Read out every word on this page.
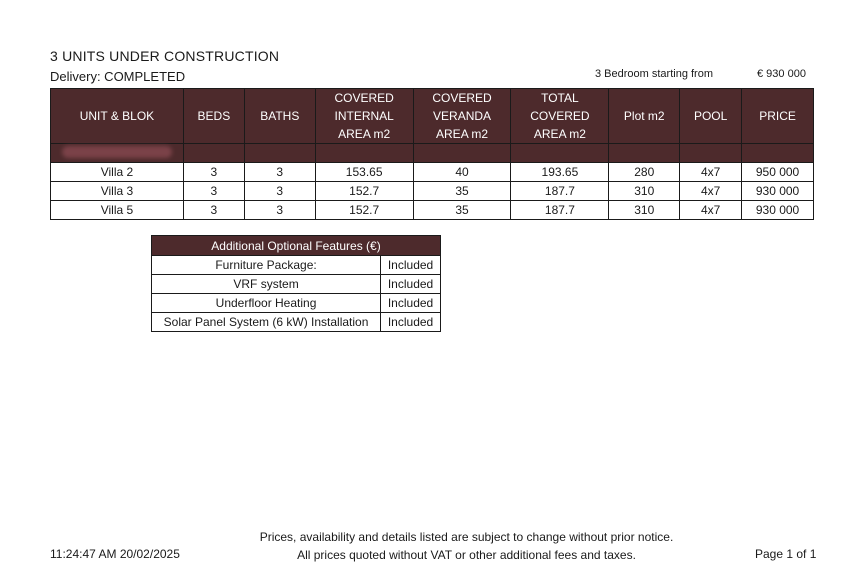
3 UNITS UNDER CONSTRUCTION
Delivery: COMPLETED	3 Bedroom starting from	€ 930 000
UNIT & BLOK	BEDS	BATHS	COVERED
INTERNAL
AREA m2	COVERED
VERANDA
AREA m2	TOTAL
COVERED
AREA m2	Plot m2	POOL	PRICE

Villa 2	3	3	153.65	40	193.65	280	4x7	950 000
Villa 3	3	3	152.7	35	187.7	310	4x7	930 000
Villa 5	3	3	152.7	35	187.7	310	4x7	930 000
Additional Optional Features (€)	
Furniture Package:	Included
VRF system	Included
Underfloor Heating	Included
Solar Panel System (6 kW) Installation	Included
Prices, availability and details listed are subject to change without prior notice.
All prices quoted without VAT or other additional fees and taxes.
11:24:47 AM 20/02/2025	Page 1 of 1
